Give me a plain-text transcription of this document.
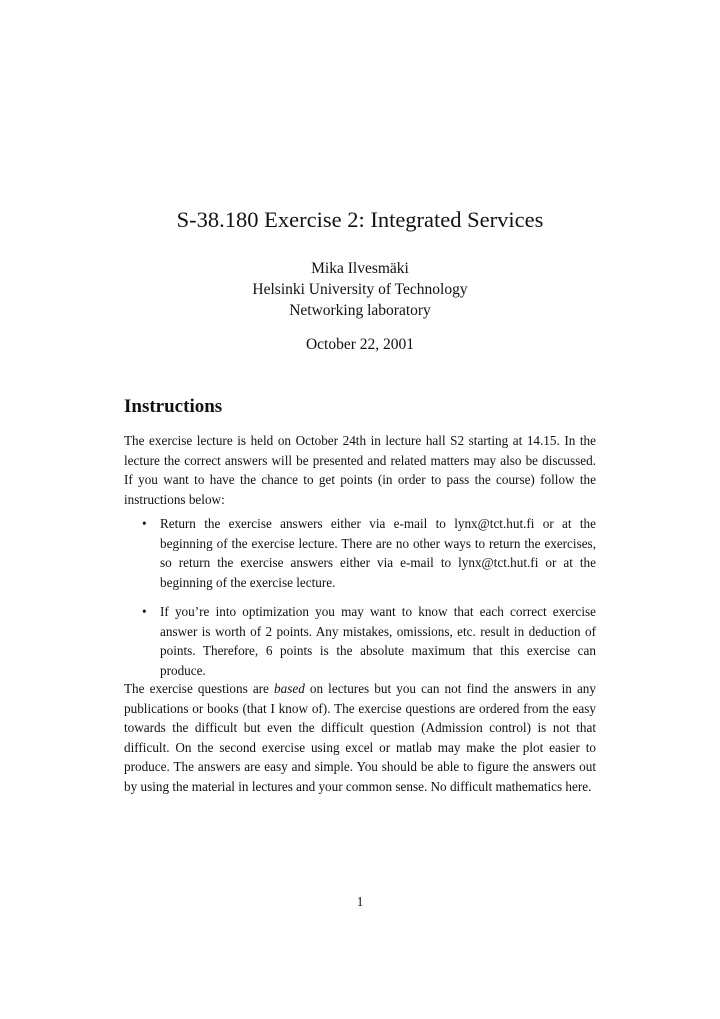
S-38.180 Exercise 2: Integrated Services
Mika Ilvesmäki
Helsinki University of Technology
Networking laboratory
October 22, 2001
Instructions

The exercise lecture is held on October 24th in lecture hall S2 starting at 14.15. In the lecture the correct answers will be presented and related matters may also be discussed. If you want to have the chance to get points (in order to pass the course) follow the instructions below:

• Return the exercise answers either via e-mail to lynx@tct.hut.fi or at the beginning of the exercise lecture. There are no other ways to return the exercises, so return the exercise answers either via e-mail to lynx@tct.hut.fi or at the beginning of the exercise lecture.
• If you’re into optimization you may want to know that each correct exercise answer is worth of 2 points. Any mistakes, omissions, etc. result in deduction of points. Therefore, 6 points is the absolute maximum that this exercise can produce.

The exercise questions are based on lectures but you can not find the answers in any publications or books (that I know of). The exercise questions are ordered from the easy towards the difficult but even the difficult question (Admission control) is not that difficult. On the second exercise using excel or matlab may make the plot easier to produce. The answers are easy and simple. You should be able to figure the answers out by using the material in lectures and your common sense. No difficult mathematics here.

1
